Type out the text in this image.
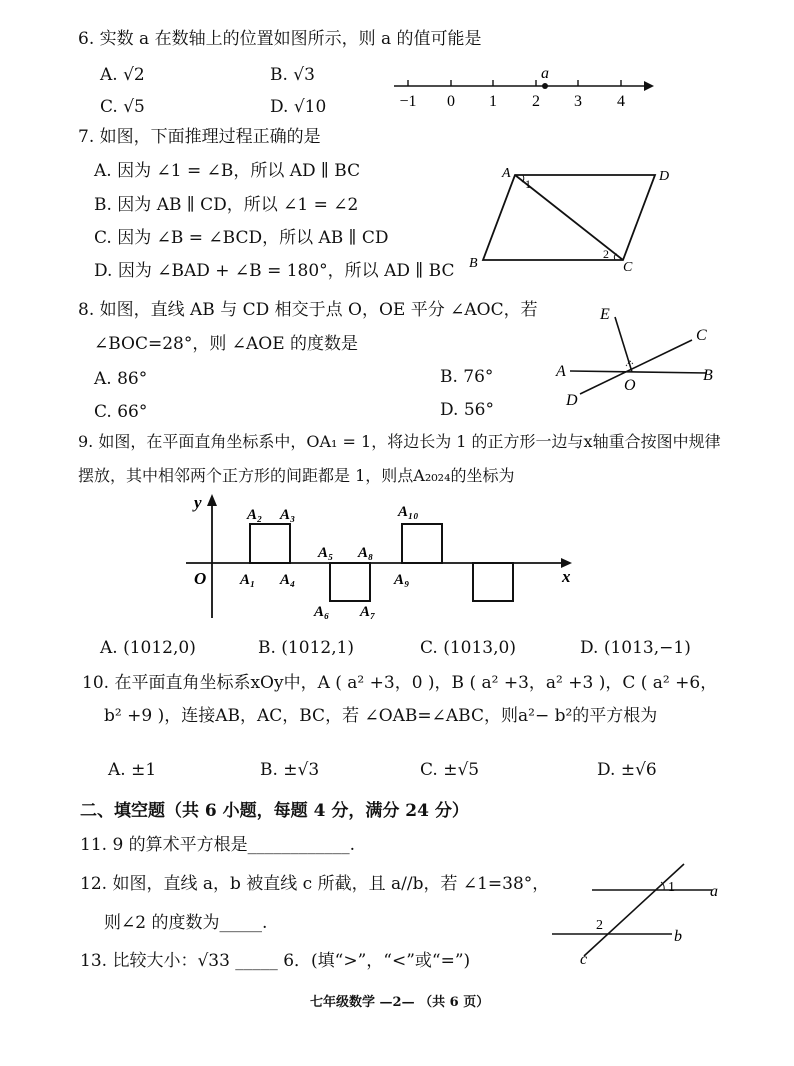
6. 实数 a 在数轴上的位置如图所示，则 a 的值可能是
A. √2	B. √3
C. √5	D. √10
a
−1 0 1 2 3 4
7. 如图，下面推理过程正确的是
A. 因为 ∠1 = ∠B，所以 AD ∥ BC
B. 因为 AB ∥ CD，所以 ∠1 = ∠2
C. 因为 ∠B = ∠BCD，所以 AB ∥ CD
D. 因为 ∠BAD + ∠B = 180°，所以 AD ∥ BC
A	D
B	C
1
2
8. 如图，直线 AB 与 CD 相交于点 O，OE 平分 ∠AOC，若
∠BOC=28°，则 ∠AOE 的度数是
A. 86°	B. 76°
C. 66°	D. 56°
E
C
A
O
B
D
9. 如图，在平面直角坐标系中，OA₁ = 1，将边长为 1 的正方形一边与x轴重合按图中规律
摆放，其中相邻两个正方形的间距都是 1，则点A₂₀₂₄的坐标为
y
x
O A₁
A₂ A₃
A₄
A₅
A₆ A₇
A₈
A₉
A₁₀
A. (1012,0)	B. (1012,1)	C. (1013,0)	D. (1013,−1)
10. 在平面直角坐标系xOy中，A ( a² +3，0 )，B ( a² +3，a² +3 )，C ( a² +6，
b² +9 )，连接AB，AC，BC，若 ∠OAB=∠ABC，则a²− b²的平方根为
A. ±1	B. ±√3	C. ±√5	D. ±√6
二、填空题（共 6 小题，每题 4 分，满分 24 分）
11. 9 的算术平方根是____________.
12. 如图，直线 a，b 被直线 c 所截，且 a//b，若 ∠1=38°，
则∠2 的度数为_____.
1
2
a
b
c
13. 比较大小：√33 _____ 6．(填“>”，“<”或“=”)
七年级数学 —2— （共 6 页）
